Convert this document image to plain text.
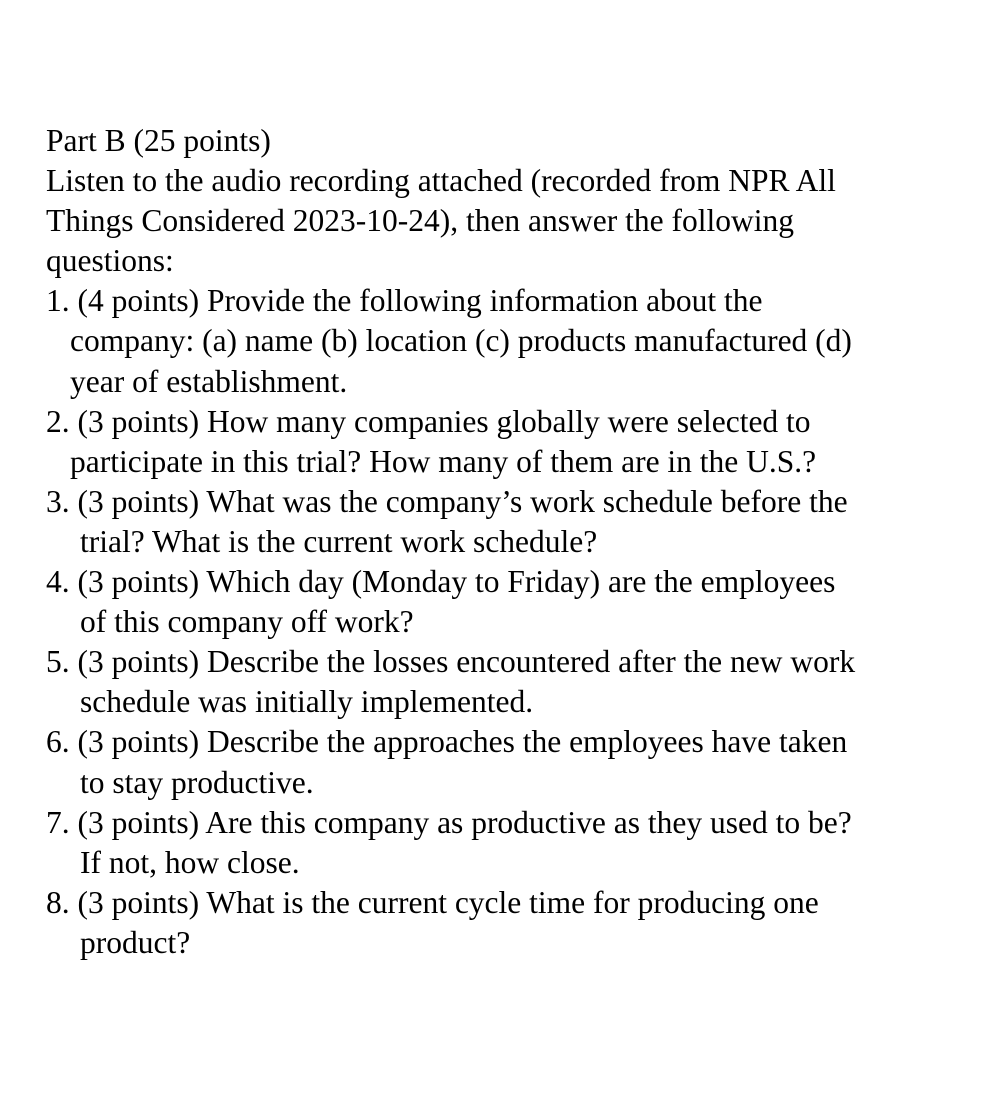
Part B (25 points)
Listen to the audio recording attached (recorded from NPR All
Things Considered 2023-10-24), then answer the following
questions:
1. (4 points) Provide the following information about the
company: (a) name (b) location (c) products manufactured (d)
year of establishment.
2. (3 points) How many companies globally were selected to
participate in this trial? How many of them are in the U.S.?
3. (3 points) What was the company’s work schedule before the
trial? What is the current work schedule?
4. (3 points) Which day (Monday to Friday) are the employees
of this company off work?
5. (3 points) Describe the losses encountered after the new work
schedule was initially implemented.
6. (3 points) Describe the approaches the employees have taken
to stay productive.
7. (3 points) Are this company as productive as they used to be?
If not, how close.
8. (3 points) What is the current cycle time for producing one
product?
